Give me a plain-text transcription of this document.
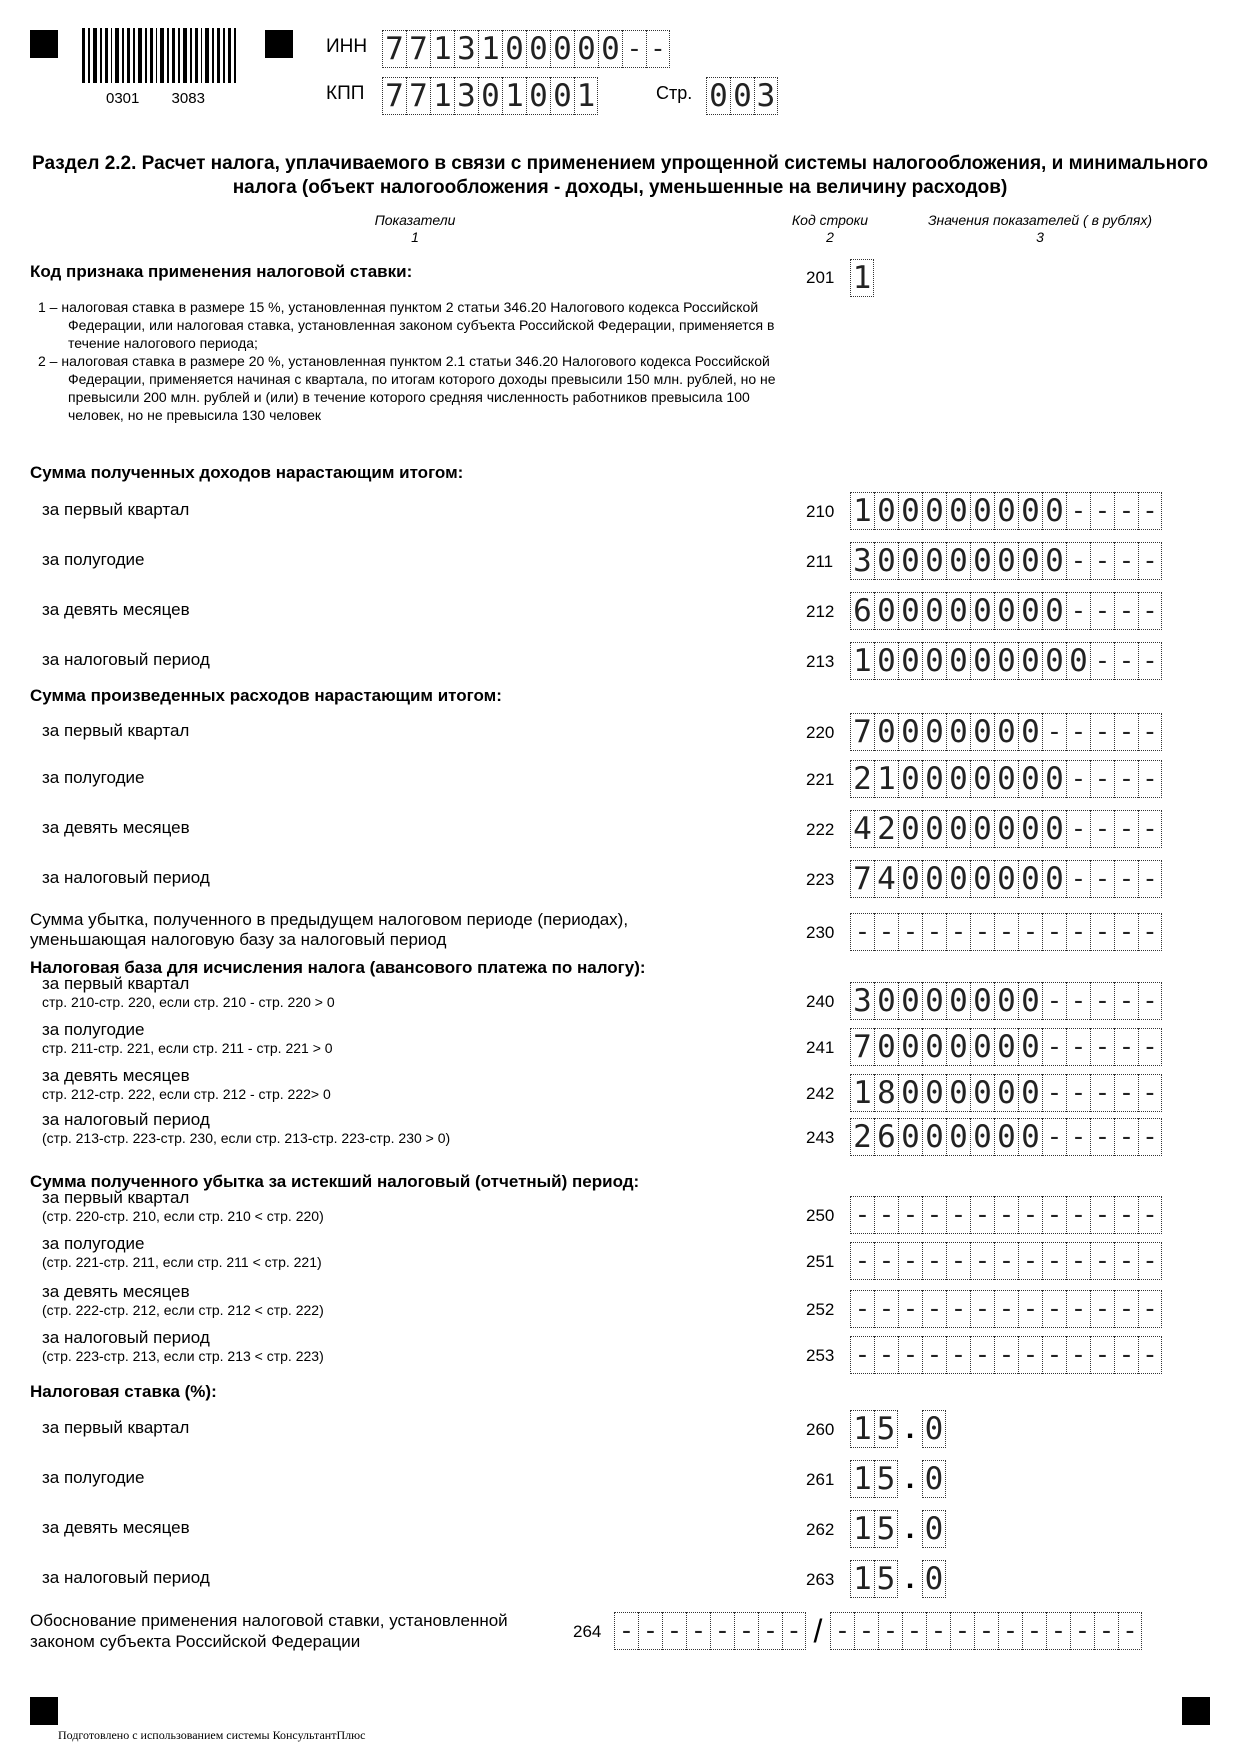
0301 3083
ИНН 7 7 1 3 1 0 0 0 0 0 - -
КПП 7 7 1 3 0 1 0 0 1	Стр. 0 0 3
Раздел 2.2. Расчет налога, уплачиваемого в связи с применением упрощенной системы налогообложения, и минимального налога (объект налогообложения - доходы, уменьшенные на величину расходов)
Показатели
1
Код строки
2
Значения показателей ( в рублях)
3
Код признака применения налоговой ставки:	201 1
1 – налоговая ставка в размере 15 %, установленная пунктом 2 статьи 346.20 Налогового кодекса Российской Федерации, или налоговая ставка, установленная законом субъекта Российской Федерации, применяется в течение налогового периода;
2 – налоговая ставка в размере 20 %, установленная пунктом 2.1 статьи 346.20 Налогового кодекса Российской Федерации, применяется начиная с квартала, по итогам которого доходы превысили 150 млн. рублей, но не превысили 200 млн. рублей и (или) в течение которого средняя численность работников превысила 100 человек, но не превысила 130 человек
Сумма полученных доходов нарастающим итогом:
за первый квартал	210 1 0 0 0 0 0 0 0 0 - - - -
за полугодие	211 3 0 0 0 0 0 0 0 0 - - - -
за девять месяцев	212 6 0 0 0 0 0 0 0 0 - - - -
за налоговый период	213 1 0 0 0 0 0 0 0 0 0 - - -
Сумма произведенных расходов нарастающим итогом:
за первый квартал	220 7 0 0 0 0 0 0 0 - - - - -
за полугодие	221 2 1 0 0 0 0 0 0 0 - - - -
за девять месяцев	222 4 2 0 0 0 0 0 0 0 - - - -
за налоговый период	223 7 4 0 0 0 0 0 0 0 - - - -
Сумма убытка, полученного в предыдущем налоговом периоде (периодах), уменьшающая налоговую базу за налоговый период	230 - - - - - - - - - - - - -
Налоговая база для исчисления налога (авансового платежа по налогу):
за первый квартал
стр. 210-стр. 220, если стр. 210 - стр. 220 > 0	240 3 0 0 0 0 0 0 0 - - - - -
за полугодие
стр. 211-стр. 221, если стр. 211 - стр. 221 > 0	241 7 0 0 0 0 0 0 0 - - - - -
за девять месяцев
стр. 212-стр. 222, если стр. 212 - стр. 222> 0	242 1 8 0 0 0 0 0 0 - - - - -
за налоговый период
(стр. 213-стр. 223-стр. 230, если стр. 213-стр. 223-стр. 230 > 0)	243 2 6 0 0 0 0 0 0 - - - - -
Сумма полученного убытка за истекший налоговый (отчетный) период:
за первый квартал
(стр. 220-стр. 210, если стр. 210 < стр. 220)	250 - - - - - - - - - - - - -
за полугодие
(стр. 221-стр. 211, если стр. 211 < стр. 221)	251 - - - - - - - - - - - - -
за девять месяцев
(стр. 222-стр. 212, если стр. 212 < стр. 222)	252 - - - - - - - - - - - - -
за налоговый период
(стр. 223-стр. 213, если стр. 213 < стр. 223)	253 - - - - - - - - - - - - -
Налоговая ставка (%):
за первый квартал	260 1 5 . 0
за полугодие	261 1 5 . 0
за девять месяцев	262 1 5 . 0
за налоговый период	263 1 5 . 0
Обоснование применения налоговой ставки, установленной законом субъекта Российской Федерации
264 - - - - - - - - / - - - - - - - - - - - - -
Подготовлено с использованием системы КонсультантПлюс
